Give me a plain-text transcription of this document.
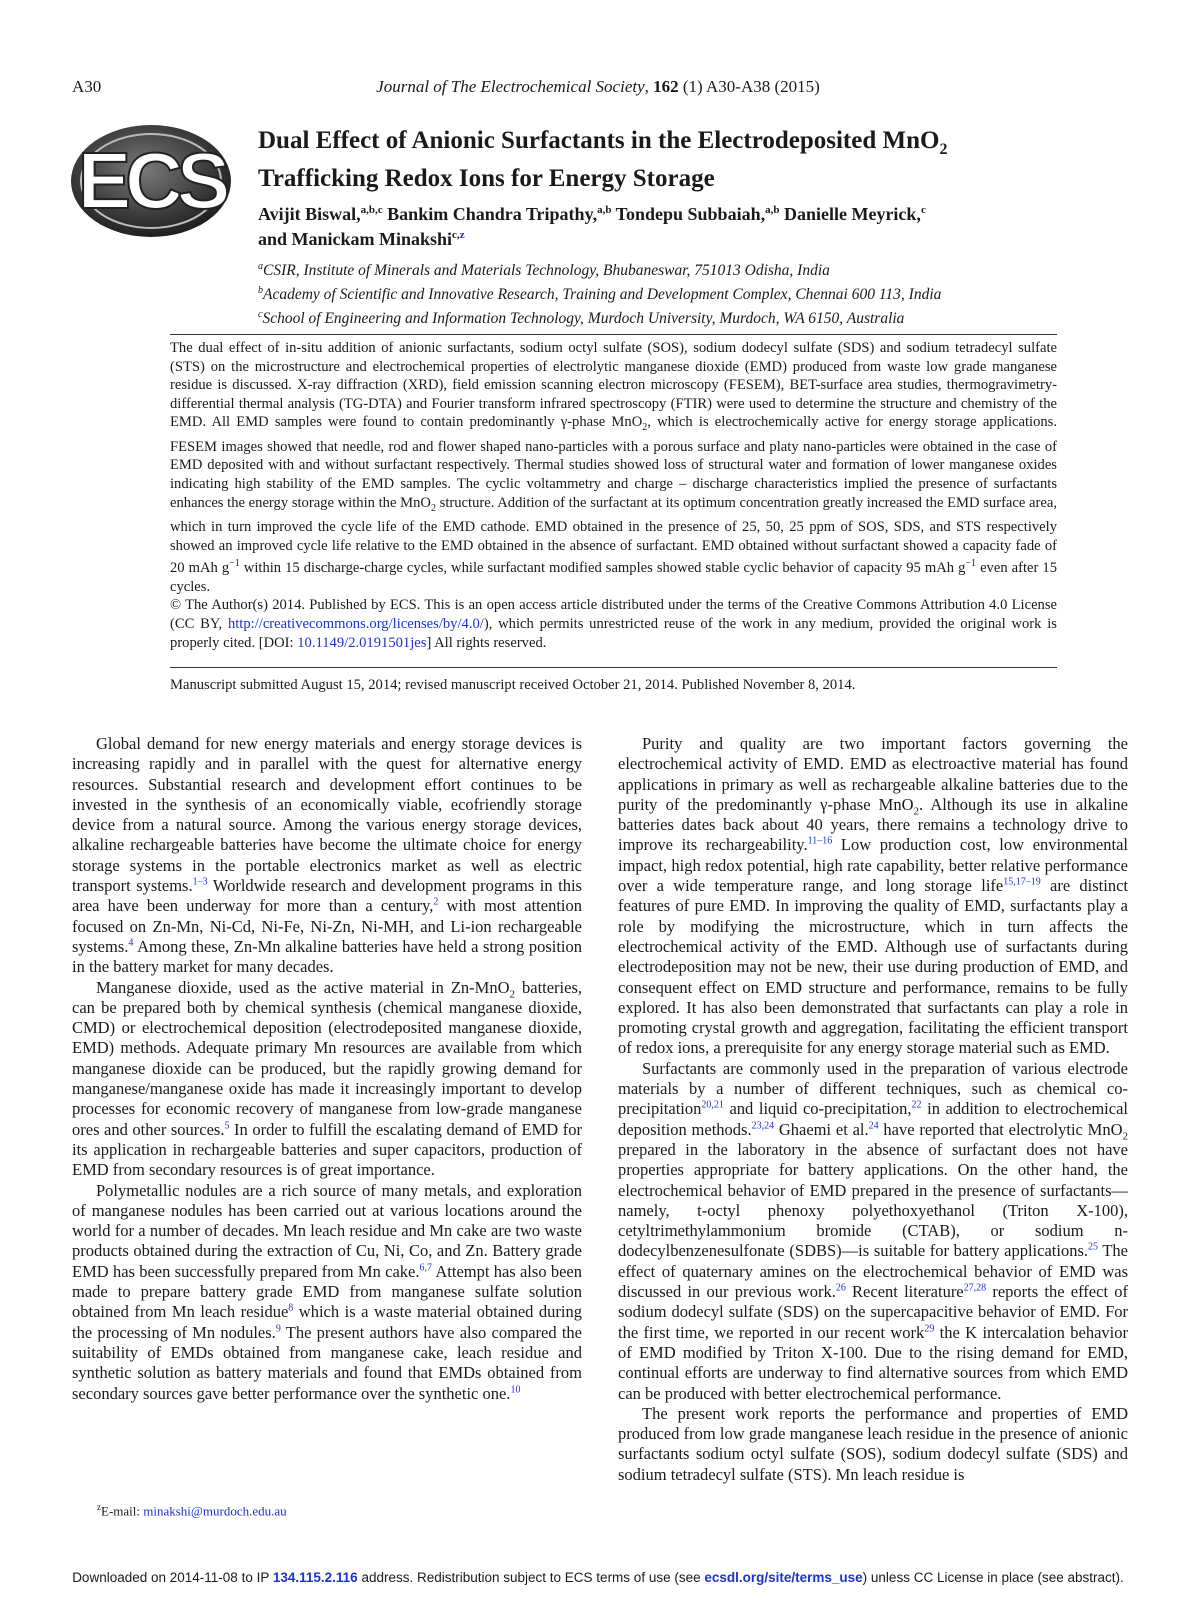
A30	Journal of The Electrochemical Society, 162 (1) A30-A38 (2015)
ECS Dual Effect of Anionic Surfactants in the Electrodeposited MnO$_2$
Trafficking Redox Ions for Energy Storage
Avijit Biswal,$^{a,b,c}$ Bankim Chandra Tripathy,$^{a,b}$ Tondepu Subbaiah,$^{a,b}$ Danielle Meyrick,$^c$
and Manickam Minakshi$^{c,z}$
$^a$CSIR, Institute of Minerals and Materials Technology, Bhubaneswar, 751013 Odisha, India
$^b$Academy of Scientific and Innovative Research, Training and Development Complex, Chennai 600 113, India
$^c$School of Engineering and Information Technology, Murdoch University, Murdoch, WA 6150, Australia

The dual effect of in-situ addition of anionic surfactants, sodium octyl sulfate (SOS), sodium dodecyl sulfate (SDS) and sodium tetradecyl sulfate (STS) on the microstructure and electrochemical properties of electrolytic manganese dioxide (EMD) produced from waste low grade manganese residue is discussed. X-ray diffraction (XRD), field emission scanning electron microscopy (FESEM), BET-surface area studies, thermogravimetry-differential thermal analysis (TG-DTA) and Fourier transform infrared spectroscopy (FTIR) were used to determine the structure and chemistry of the EMD. All EMD samples were found to contain predominantly γ-phase MnO$_2$, which is electrochemically active for energy storage applications. FESEM images showed that needle, rod and flower shaped nano-particles with a porous surface and platy nano-particles were obtained in the case of EMD deposited with and without surfactant respectively. Thermal studies showed loss of structural water and formation of lower manganese oxides indicating high stability of the EMD samples. The cyclic voltammetry and charge – discharge characteristics implied the presence of surfactants enhances the energy storage within the MnO$_2$ structure. Addition of the surfactant at its optimum concentration greatly increased the EMD surface area, which in turn improved the cycle life of the EMD cathode. EMD obtained in the presence of 25, 50, 25 ppm of SOS, SDS, and STS respectively showed an improved cycle life relative to the EMD obtained in the absence of surfactant. EMD obtained without surfactant showed a capacity fade of 20 mAh $g^{-1}$ within 15 discharge-charge cycles, while surfactant modified samples showed stable cyclic behavior of capacity 95 mAh $g^{-1}$ even after 15 cycles.

© The Author(s) 2014. Published by ECS. This is an open access article distributed under the terms of the Creative Commons Attribution 4.0 License (CC BY, http://creativecommons.org/licenses/by/4.0/), which permits unrestricted reuse of the work in any medium, provided the original work is properly cited. [DOI: 10.1149/2.0191501jes] All rights reserved.

Manuscript submitted August 15, 2014; revised manuscript received October 21, 2014. Published November 8, 2014.

Global demand for new energy materials and energy storage devices is increasing rapidly and in parallel with the quest for alternative energy resources. Substantial research and development effort continues to be invested in the synthesis of an economically viable, ecofriendly storage device from a natural source. Among the various energy storage devices, alkaline rechargeable batteries have become the ultimate choice for energy storage systems in the portable electronics market as well as electric transport systems.$^{1-3}$ Worldwide research and development programs in this area have been underway for more than a century,$^2$ with most attention focused on Zn-Mn, Ni-Cd, Ni-Fe, Ni-Zn, Ni-MH, and Li-ion rechargeable systems.$^4$ Among these, Zn-Mn alkaline batteries have held a strong position in the battery market for many decades.

Manganese dioxide, used as the active material in Zn-MnO$_2$ batteries, can be prepared both by chemical synthesis (chemical manganese dioxide, CMD) or electrochemical deposition (electrodeposited manganese dioxide, EMD) methods. Adequate primary Mn resources are available from which manganese dioxide can be produced, but the rapidly growing demand for manganese/manganese oxide has made it increasingly important to develop processes for economic recovery of manganese from low-grade manganese ores and other sources.$^5$ In order to fulfill the escalating demand of EMD for its application in rechargeable batteries and super capacitors, production of EMD from secondary resources is of great importance.

Polymetallic nodules are a rich source of many metals, and exploration of manganese nodules has been carried out at various locations around the world for a number of decades. Mn leach residue and Mn cake are two waste products obtained during the extraction of Cu, Ni, Co, and Zn. Battery grade EMD has been successfully prepared from Mn cake.$^{6,7}$ Attempt has also been made to prepare battery grade EMD from manganese sulfate solution obtained from Mn leach residue$^8$ which is a waste material obtained during the processing of Mn nodules.$^9$ The present authors have also compared the suitability of EMDs obtained from manganese cake, leach residue and synthetic solution as battery materials and found that EMDs obtained from secondary sources gave better performance over the synthetic one.$^{10}$

Purity and quality are two important factors governing the electrochemical activity of EMD. EMD as electroactive material has found applications in primary as well as rechargeable alkaline batteries due to the purity of the predominantly γ-phase MnO$_2$. Although its use in alkaline batteries dates back about 40 years, there remains a technology drive to improve its rechargeability.$^{11-16}$ Low production cost, low environmental impact, high redox potential, high rate capability, better relative performance over a wide temperature range, and long storage life$^{15,17-19}$ are distinct features of pure EMD. In improving the quality of EMD, surfactants play a role by modifying the microstructure, which in turn affects the electrochemical activity of the EMD. Although use of surfactants during electrodeposition may not be new, their use during production of EMD, and consequent effect on EMD structure and performance, remains to be fully explored. It has also been demonstrated that surfactants can play a role in promoting crystal growth and aggregation, facilitating the efficient transport of redox ions, a prerequisite for any energy storage material such as EMD.

Surfactants are commonly used in the preparation of various electrode materials by a number of different techniques, such as chemical co-precipitation$^{20,21}$ and liquid co-precipitation,$^{22}$ in addition to electrochemical deposition methods.$^{23,24}$ Ghaemi et al.$^{24}$ have reported that electrolytic MnO$_2$ prepared in the laboratory in the absence of surfactant does not have properties appropriate for battery applications. On the other hand, the electrochemical behavior of EMD prepared in the presence of surfactants—namely, t-octyl phenoxy polyethoxyethanol (Triton X-100), cetyltrimethylammonium bromide (CTAB), or sodium n-dodecylbenzenesulfonate (SDBS)—is suitable for battery applications.$^{25}$ The effect of quaternary amines on the electrochemical behavior of EMD was discussed in our previous work.$^{26}$ Recent literature$^{27,28}$ reports the effect of sodium dodecyl sulfate (SDS) on the supercapacitive behavior of EMD. For the first time, we reported in our recent work$^{29}$ the K intercalation behavior of EMD modified by Triton X-100. Due to the rising demand for EMD, continual efforts are underway to find alternative sources from which EMD can be produced with better electrochemical performance.

The present work reports the performance and properties of EMD produced from low grade manganese leach residue in the presence of anionic surfactants sodium octyl sulfate (SOS), sodium dodecyl sulfate (SDS) and sodium tetradecyl sulfate (STS). Mn leach residue is

$^z$E-mail: minakshi@murdoch.edu.au
Downloaded on 2014-11-08 to IP 134.115.2.116 address. Redistribution subject to ECS terms of use (see ecsdl.org/site/terms_use) unless CC License in place (see abstract).
